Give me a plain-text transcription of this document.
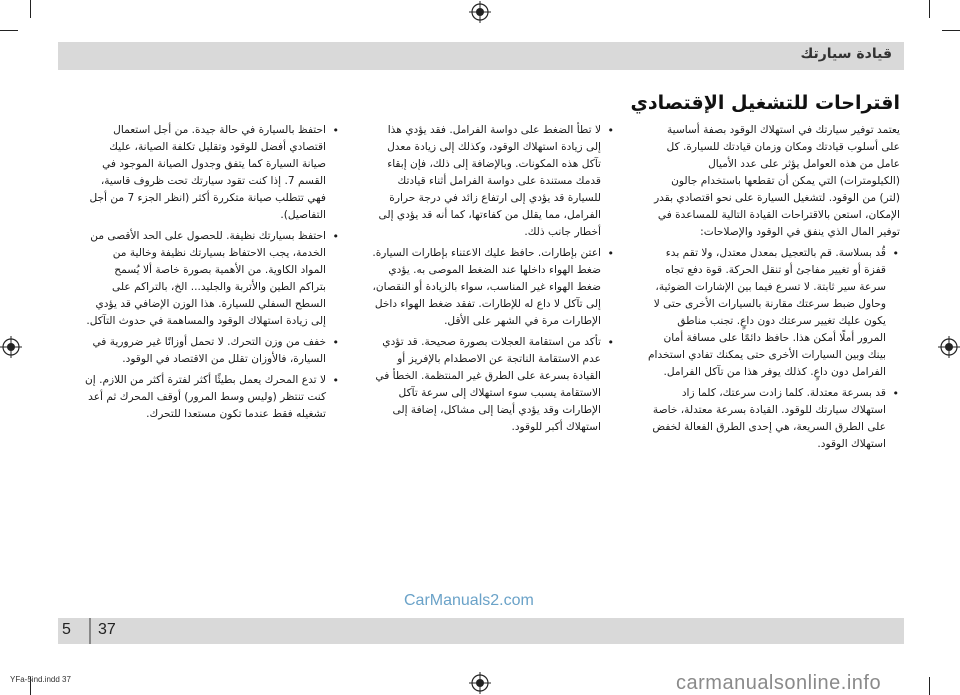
قيادة سيارتك
اقتراحات للتشغيل الإقتصادي

يعتمد توفير سيارتك في استهلاك الوقود بصفة أساسية على أسلوب قيادتك ومكان وزمان قيادتك للسيارة. كل عامل من هذه العوامل يؤثر على عدد الأميال (الكيلومترات) التي يمكن أن تقطعها باستخدام جالون (لتر) من الوقود. لتشغيل السيارة على نحو اقتصادي بقدر الإمكان، استعن بالاقتراحات القيادة التالية للمساعدة في توفير المال الذي ينفق في الوقود والإصلاحات:

• قُد بسلاسة. قم بالتعجيل بمعدل معتدل، ولا تقم بدء قفزة أو تغيير مفاجئ أو تنقل الحركة. قوة دفع تجاه سرعة سير ثابتة. لا تسرع فيما بين الإشارات الضوئية، وحاول ضبط سرعتك مقارنة بالسيارات الأخرى حتى لا يكون عليك تغيير سرعتك دون داعٍ. تجنب مناطق المرور أملًا أمكن هذا. حافظ دائمًا على مسافة أمان بينك وبين السيارات الأخرى حتى يمكنك تفادي استخدام الفرامل دون داعٍ. كذلك يوفر هذا من تآكل الفرامل.
• قد بسرعة معتدلة. كلما زادت سرعتك، كلما زاد استهلاك سيارتك للوقود. القيادة بسرعة معتدلة، خاصة على الطرق السريعة، هي إحدى الطرق الفعالة لخفض استهلاك الوقود.
• لا تطأ الضغط على دواسة الفرامل. فقد يؤدي هذا إلى زيادة استهلاك الوقود، وكذلك إلى زيادة معدل تآكل هذه المكونات. وبالإضافة إلى ذلك، فإن إبقاء قدمك مستندة على دواسة الفرامل أثناء قيادتك للسيارة قد يؤدي إلى ارتفاع زائد في درجة حرارة الفرامل، مما يقلل من كفاءتها، كما أنه قد يؤدي إلى أخطار جانب ذلك.
• اعتن بإطارات. حافظ عليك الاعتناء بإطارات السيارة. ضغط الهواء داخلها عند الضغط الموصى به. يؤدي ضغط الهواء غير المناسب، سواء بالزيادة أو النقصان، إلى تآكل لا داع له للإطارات. تفقد ضغط الهواء داخل الإطارات مرة في الشهر على الأقل.
• تأكد من استقامة العجلات بصورة صحيحة. قد تؤدي عدم الاستقامة الناتجة عن الاصطدام بالإفريز أو القيادة بسرعة على الطرق غير المنتظمة. الخطأ في الاستقامة يسبب سوء استهلاك إلى سرعة تآكل الإطارات وقد يؤدي أيضا إلى مشاكل، إضافة إلى استهلاك أكبر للوقود.
• احتفظ بالسيارة في حالة جيدة. من أجل استعمال اقتصادي أفضل للوقود وتقليل تكلفة الصيانة، عليك صيانة السيارة كما يتفق وجدول الصيانة الموجود في القسم 7. إذا كنت تقود سيارتك تحت ظروف قاسية، فهي تتطلب صيانة متكررة أكثر (انظر الجزء 7 من أجل التفاصيل).
• احتفظ بسيارتك نظيفة. للحصول على الحد الأقصى من الخدمة، يجب الاحتفاظ بسيارتك نظيفة وخالية من المواد الكاوية. من الأهمية بصورة خاصة ألا يُسمح بتراكم الطين والأتربة والجليد... الخ، بالتراكم على السطح السفلي للسيارة. هذا الوزن الإضافي قد يؤدي إلى زيادة استهلاك الوقود والمساهمة في حدوث التآكل.
• خفف من وزن التحرك. لا تحمل أوزانًا غير ضرورية في السيارة، فالأوزان تقلل من الاقتصاد في الوقود.
• لا تدع المحرك يعمل بطيئًا أكثر لفترة أكثر من اللازم. إن كنت تنتظر (وليس وسط المرور) أوقف المحرك ثم أعد تشغيله فقط عندما تكون مستعدا للتحرك.
CarManuals2.com
5 37
YFa-5ind.indd 37	carmanualsonline.info
